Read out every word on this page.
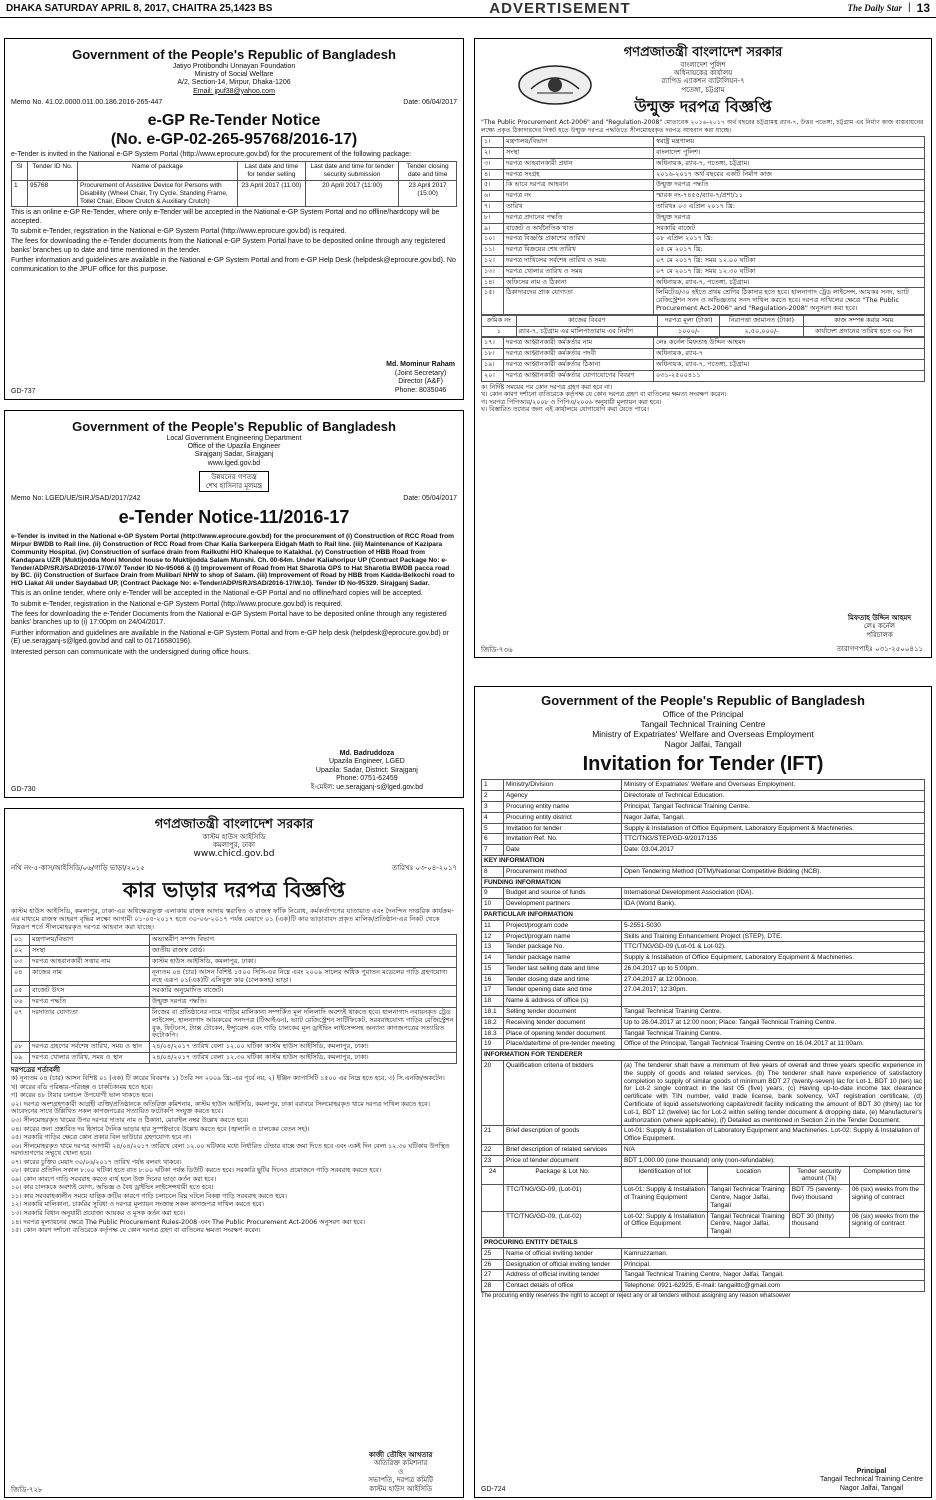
DHAKA SATURDAY APRIL 8, 2017, CHAITRA 25,1423 BS	ADVERTISEMENT	The Daily Star | 13
Government of the People's Republic of Bangladesh
Jatiyo Protibondhi Unnayan Foundation
Ministry of Social Welfare
A/2, Section-14, Mirpur, Dhaka-1206
Email: jpuf38@yahoo.com
Memo No. 41.02.0000.011.00.186.2016-265-447	Date: 06/04/2017
e-GP Re-Tender Notice
(No. e-GP-02-265-95768/2016-17)
e-Tender is invited in the National e-GP System Portal (http://www.eprocure.gov.bd) for the procurement of the following package:
Sl	Tender ID No.	Name of package	Last date and time for tender selling	Last date and time for tender security submission	Tender closing date and time
1	95768	Procurement of Assistive Device for Persons with Disability (Wheel Chair, Try Cycle, Standing Frame, Toilet Chair, Elbow Crutch & Auxiliary Crutch)	23 April 2017 (11:00)	20 April 2017 (11:00)	23 April 2017 (15:00)
This is an online e-GP Re-Tender, where only e-Tender will be accepted in the National e-GP System Portal and no offline/hardcopy will be accepted.
To submit e-Tender, registration in the National e-GP System Portal (http://www.eprocure.gov.bd) is required.
The fees for downloading the e-Tender documents from the National e-GP System Portal have to be deposited online through any registered banks' branches up to date and time mentioned in the tender.
Further information and guidelines are available in the National e-GP System Portal and from e-GP Help Desk (helpdesk@eprocure.gov.bd). No communication to the JPUF office for this purpose.
Md. Mominur Raham
(Joint Secretary)
Director (A&F)
Phone: 8035046
GD-737
Government of the People's Republic of Bangladesh
Local Government Engineering Department
Office of the Upazila Engineer
Sirajganj Sadar, Sirajganj
www.lged.gov.bd
উন্নয়নের গণতন্ত্র
শেখ হাসিনার মূলমন্ত্র
Memo No: LGED/UE/SIRJ/SAD/2017/242	Date: 05/04/2017
e-Tender Notice-11/2016-17
e-Tender is invited in the National e-GP System Portal (http://www.eprocure.gov.bd) for the procurement of (i) Construction of RCC Road from Mirpur BWDB to Rail line. (ii) Construction of RCC Road from Char Kalia Sarkerpera Eidgah Math to Rail line. (iii) Maintenance of Kazipara Community Hospital. (iv) Construction of surface drain from Railkuthi H/O Khaleque to Katakhal. (v) Construction of HBB Road from Kandapara UZR (Muktijodda Moni Mondol house to Muktijodda Salam Munshi. Ch. 00-64m. Under Kaliahoripur UP (Contract Package No: e-Tender/ADP/SRJ/SAD/2016-17/W.07 Tender ID No-95066 & (i) Improvement of Road from Hat Sharotia GPS to Hat Sharotia BWDB pacca road by BC. (ii) Construction of Surface Drain from Mulibari NHW to shop of Salam. (iii) Improvement of Road by HBB from Kadda-Belkochi road to H/O Liakat Ali under Saydabad UP, (Contract Package No: e-Tender/ADP/SRJ/SAD/2016-17/W.10). Tender ID No-95329. Sirajganj Sadar.
This is an online tender, where only e-Tender will be accepted in the National e-GP Portal and no offline/hard copies will be accepted.
To submit e-Tender, registration in the National e-GP System Portal (http://www.procure.gov.bd) is required.
The fees for downloading the e-Tender Documents from the National e-GP System Portal have to be deposited online through any registered banks' branches up to (i) 17:00pm on 24/04/2017.
Further information and guidelines are available in the National e-GP System Portal and from e-GP help desk (helpdesk@eprocure.gov.bd) or (E) ue.serajganj-s@lged.gov.bd and call to 01716580196).
Interested person can communicate with the undersigned during office hours.
Md. Badruddoza
Upazila Engineer, LGED
Upazila: Sadar, District: Sirajganj
Phone: 0751-62459
ই-মেইল: ue.serajganj-s@lged.gov.bd
GD-730
গণপ্রজাতন্ত্রী বাংলাদেশ সরকার
কাস্টম হাউস আইসিডি
কমলাপুর, ঢাকা
www.chicd.gov.bd
নথি নং-৫-কাস/আইসিডি/০৬/গাড়ি ভাড়া/২০১৫	তারিখঃ ০৩-০৪-২০১৭
কার ভাড়ার দরপত্র বিজ্ঞপ্তি
কাস্টম হাউস আইসিডি, কমলাপুর, ঢাকা-এর অধিক্ষেত্রভুক্ত এলাকায় রাজস্ব আদায় ত্বরান্বিত ও রাজস্ব ফাঁকি নিরোধ, কর্মকর্তাগণের যাতায়াত এবং দৈনন্দিন দাপ্তরিক কার্যক্রম-এর মাধ্যমে রাজস্ব আহরণ বৃদ্ধির লক্ষ্যে আগামী ০১-০৫-২০১৭ হতে ৩০-০৬-২০১৭ পর্যন্ত মেয়াদে ০১ (এক)টি কার ভাড়াবাবদ প্রকৃত মালিক/প্রতিষ্ঠান-এর নিকট থেকে নিম্নরূপ শর্তে সীলমোহরকৃত দরপত্র আহবান করা যাচ্ছে।
০১	মন্ত্রণালয়/বিভাগ	অভ্যন্তরীণ সম্পদ বিভাগ
০২	সংস্থা	জাতীয় রাজস্ব বোর্ড।
০৩	দরপত্র আহবানকারী সত্তার নাম	কাস্টম হাউস আইসিডি, কমলাপুর, ঢাকা।
০৪	কাজের নাম	নূন্যতম ০৪ (চার) আসন বিশিষ্ট ১৫০০ সিসি-এর নিম্নে এবং ২০০৯ সালের অধিক পুরাতন মডেলের গাড়ি গ্রহণযোগ্য নহে এরূপ ০১(এক)টি এসিযুক্ত কার (চালকসহ) ভাড়া।
০৫	বাজেট উৎস	সরকারি অনুমোদিত বাজেট।
০৬	দরপত্র পদ্ধতি	উন্মুক্ত দরপত্র পদ্ধতি।
০৭	দরদাতার যোগ্যতা	নিজের বা প্রতিষ্ঠানের নামে গাড়ির মালিকানা সম্পর্কিত মূল দলিলাদি অবশ্যই থাকতে হবে। হালনাগাদ নবায়নকৃত ট্রেড লাইসেন্স, হালনাগাদ আয়করের সনদপত্র (টিআইএন), ভ্যাট রেজিস্ট্রেশন সার্টিফিকেট, সরবরাহযোগ্য গাড়ির রেজিস্ট্রেশন বুক, ফিটনেস, ট্যাক্স টোকেন, ইন্স্যুরেন্স এবং গাড়ি চালকের মূল ড্রাইভিং লাইসেন্সসহ অন্যান্য কাগজপত্রের সত্যায়িত ফটোকপি।
০৮	দরপত্র গ্রহণের সর্বশেষ তারিখ, সময় ও স্থান	২৪/০৪/২০১৭ তারিখ বেলা ১২.০০ ঘটিকা কাস্টম হাউস আইসিডি, কমলাপুর, ঢাকা।
০৯	দরপত্র খোলার তারিখ, সময় ও স্থান	২৪/০৪/২০১৭ তারিখ বেলা ১২.৩০ ঘটিকা কাস্টম হাউস আইসিডি, কমলাপুর, ঢাকা।
দরপত্রের শর্তাবলী
ক) নূন্যতম ০৪ (চার) আসন বিশিষ্ট ০১ (এক) টি কারের বিবরণঃ ১) তৈরি সন ২০০৯ খ্রি:-এর পূর্বে নয়, ২) ইঞ্জিন ক্যাপাসিটি ১৫০০ এর নিম্নে হতে হবে, ৩) সি.এনজি/অকটেন।
খ) কারের বডি পরিষ্কার-পরিচ্ছন্ন ও চাকচিক্যময় হতে হবে।
গ) কারের ৪৮ টায়ার চলাচল উপযোগী ভাল থাকতে হবে।
০২। দরপত্র অংশগ্রহণকারী আগ্রহী ব্যক্তি/প্রতিষ্ঠানকে অতিরিক্ত কমিশনার, কাস্টম হাউস আইসিডি, কমলাপুর, ঢাকা বরাবরে সিলমোহরকৃত খামে দরপত্র দাখিল করতে হবে। আবেদনের সাথে উল্লিখিত সকল কাগজপত্রের সত্যায়িত ফটোকপি সংযুক্ত করতে হবে।
০৩। সীলমোহরকৃত খামের উপর দরপত্র দাতার নাম ও ঠিকানা, মোবাইল নম্বর উল্লেখ করতে হবে।
০৪। কারের জন্য প্রস্তাবিত দর হিসাবে দৈনিক ভাড়ার হার সুস্পষ্টভাবে উল্লেখ করতে হবে (জ্বালানি ও চালকের বেতন সহ)।
০৫। সরকারি গাড়ির ক্ষেত্রে কোন প্রকার বিল ভাউচার গ্রহণযোগ্য হবে না।
০৬। সীলমোহরকৃত খামে দরপত্র আগামী ২৪/০৪/২০১৭ তারিখে বেলা ১২.০০ ঘটিকার মধ্যে নির্ধারিত টেন্ডার বাক্সে জমা দিতে হবে এবং একই দিন বেলা ১২.৩০ ঘটিকায় উপস্থিত দরদাতাগণের সম্মুখে খোলা হবে।
০৭। কারের চুক্তির মেয়াদ ৩০/০৬/২০১৭ তারিখ পর্যন্ত বলবৎ থাকবে।
০৮। কারের প্রতিদিন সকাল ৮:০০ ঘটিকা হতে রাত ৮:০০ ঘটিকা পর্যন্ত ডিউটি করতে হবে। সরকারি ছুটির দিনেও প্রয়োজনে গাড়ি সরবরাহ করতে হবে।
০৯। কোন কারণে গাড়ি সরবরাহ করতে ব্যর্থ হলে উক্ত দিনের ভাড়া কর্তন করা হবে।
১০। কার চালককে অবশ্যই যোগ্য, অভিজ্ঞ ও বৈধ ড্রাইভিং লাইসেন্সধারী হতে হবে।
১১। কার সরবরাহকালীন সময়ে যান্ত্রিক ক্রটির কারণে গাড়ি চলাচলে বিঘ্ন ঘটলে বিকল্প গাড়ি সরবরাহ করতে হবে।
১২। সরকারি মালিকানা, চাকরির সুবিধা ও দরপত্র মূল্যায়ন সংক্রান্ত সকল কাগজপত্র দাখিল করতে হবে।
১৩। সরকারি বিধান অনুযায়ী প্রযোজ্য আয়কর ও মূসক কর্তন করা হবে।
১৪। দরপত্র মূল্যায়নের ক্ষেত্রে The Public Procurement Rules-2008 এবং The Public Procurement Act-2006 অনুসরণ করা হবে।
১৫। কোন কারণ দর্শানো ব্যতিরেকে কর্তৃপক্ষ যে কোন দরপত্র গ্রহণ বা বাতিলের ক্ষমতা সংরক্ষণ করেন।
কাজী তৌহিদ আখতার
অতিরিক্ত কমিশনার
ও
সভাপতি, দরপত্র কমিটি
কাস্টম হাউস আইসিডি
জিডি-৭২৮
গণপ্রজাতন্ত্রী বাংলাদেশ সরকার
বাংলাদেশ পুলিশ
অধিনায়কের কার্যালয়
র‌্যাপিড এ্যাকশন ব্যাটালিয়ন-৭
পতেঙ্গা, চট্টগ্রাম
উন্মুক্ত দরপত্র বিজ্ঞপ্তি
"The Public Procurement Act-2006" and "Regulation-2008" মোতাবেক ২০১৬-২০১৭ অর্থ বছরের চট্টগ্রামস্থ র‌্যাব-৭, উত্তর পতেঙ্গা, চট্টগ্রাম এর নির্মাণ কাজ বাস্তবায়নের লক্ষ্যে প্রকৃত ঠিকাদারদের নিকট হতে উন্মুক্ত দরপত্র পদ্ধতিতে সীলমোহরকৃত দরপত্র আহবান করা যাচ্ছে।
১।	মন্ত্রণালয়/বিভাগ	স্বরাষ্ট্র মন্ত্রণালয়
২।	সংস্থা	বাংলাদেশ পুলিশ।
৩।	দরপত্র আহবানকারী প্রধান	অধিনায়ক, র‌্যাব-৭, পতেঙ্গা, চট্টগ্রাম।
৪।	দরপত্র সংগ্রহ	২০১৬-২০১৭ অর্থ বছরের একটি নির্মাণ কাজ
৫।	কি ভাবে দরপত্র আহবান	উন্মুক্ত দরপত্র পদ্ধতি
৬।	দরপত্র নং	স্মারক নং-৭৪৫৫/র‌্যাব-৭/প্রশা/১১
৭।	তারিখ	তারিখঃ ০৩ এপ্রিল ২০১৭ খ্রি:
৮।	দরপত্র প্রদানের পদ্ধতি	উন্মুক্ত দরপত্র
৯।	বাজেট ও অর্থনৈতিক খাত	সরকারি বাজেট
১০।	দরপত্র বিজ্ঞপ্তি প্রকাশের তারিখ	০৮ এপ্রিল ২০১৭ খ্রি:
১১।	দরপত্র বিক্রয়ের শেষ তারিখ	০৫ মে ২০১৭ খ্রি:
১২।	দরপত্র দাখিলের সর্বশেষ তারিখ ও সময়	০৭ মে ২০১৭ খ্রি: সময় ১২.০০ ঘটিকা
১৩।	দরপত্র খোলার তারিখ ও সময়	০৭ মে ২০১৭ খ্রি: সময় ১২.৩০ ঘটিকা
১৪।	অফিসের নাম ও ঠিকানা	অধিনায়ক, র‌্যাব-৭, পতেঙ্গা, চট্টগ্রাম।
১৫।	ঠিকাদারদের প্রাক যোগ্যতা	লিমিটেড/৩০ হইতে প্রথম শ্রেণির ঠিকাদার হতে হবে। হালনাগাদ ট্রেড লাইসেন্স, আয়কর সনদ, ভ্যাট রেজিস্ট্রেশন সনদ ও অভিজ্ঞতার সনদ দাখিল করতে হবে। দরপত্র দাখিলের ক্ষেত্রে "The Public Procurement Act-2006" and "Regulation-2008" অনুসরণ করা হবে।
ক্রমিক নং	কাজের বিবরণ	দরপত্র মূল্য (টাকা)	নিরাপত্তা জামানত (টাকা)	কাজ সম্পন্ন করার সময়
১	র‌্যাব-৭, চট্টগ্রাম এর মালিপাতারাম এর নির্মাণ	১০০০/-	২,৫০,০০০/-	কার্যাদেশ প্রদানের তারিখ হতে ৩০ দিন
১৭।	দরপত্র আহ্বানকারী কর্মকর্তার নাম	লেঃ কর্নেল মিফতাহ উদ্দিন আহমদ
১৮।	দরপত্র আহ্বানকারী কর্মকর্তার পদবী	অধিনায়ক, র‌্যাব-৭
১৯।	দরপত্র আহ্বানকারী কর্মকর্তার ঠিকানা	অধিনায়ক, র‌্যাব-৭, পতেঙ্গা, চট্টগ্রাম।
২০।	দরপত্র আহ্বানকারী কর্মকর্তার যোগাযোগের বিবরণ	০৩১-২৫০০৪১১
ক। নির্দিষ্ট সময়ের পর কোন দরপত্র গ্রহণ করা হবে না।
খ। কোন কারণ দর্শানো ব্যতিরেকে কর্তৃপক্ষ যে কোন দরপত্র গ্রহণ বা বাতিলের ক্ষমতা সংরক্ষণ করেন।
গ। দরপত্র পিপিআর/২০০৮ ও পিপিএ/২০০৬ অনুযায়ী মূল্যায়ন করা হবে।
ঘ। বিস্তারিত তথ্যের জন্য এই কার্যালয়ে যোগাযোগ করা যেতে পারে।
মিফতাহ উদ্দিন আহমদ
লেঃ কর্নেল
পরিচালক
তারাগণপাইঃ ০৩১-২৫০০৪১১
জিডি-৭৩৬
Government of the People's Republic of Bangladesh
Office of the Principal
Tangail Technical Training Centre
Ministry of Expatriates' Welfare and Overseas Employment
Nagor Jalfai, Tangail
Invitation for Tender (IFT)
1	Ministry/Division	Ministry of Expatriates' Welfare and Overseas Employment.			
2	Agency	Directorate of Technical Education.			
3	Procuring entity name	Principal, Tangail Technical Training Centre.			
4	Procuring entity district	Nagor Jalfai, Tangail.			
5	Invitation for tender	Supply & Installation of Office Equipment, Laboratory Equipment & Machineries.			
6	Invitation Ref. No.	TTC/TNG/STEP/GD-9/2017/135			
7	Date	Date: 03.04.2017			
KEY INFORMATION					
8	Procurement method	Open Tendering Method (OTM)/National Competitive Bidding (NCB).			
FUNDING INFORMATION					
9	Budget and source of funds	International Development Association (IDA).			
10	Development partners	IDA (World Bank).			
PARTICULAR INFORMATION					
11	Project/program code	5-2551-5030			
12	Project/program name	Skills and Training Enhancement Project (STEP), DTE.			
13	Tender package No.	TTC/TNG/GD-09 (Lot-01 & Lot-02).			
14	Tender package name	Supply & Installation of Office Equipment, Laboratory Equipment & Machineries.			
15	Tender last selling date and time	26.04.2017 up to 5:00pm.			
16	Tender closing date and time	27.04.2017 at 12:00noon.			
17	Tender opening date and time	27.04.2017; 12:30pm.			
18	Name & address of office (s)				
18.1	Selling tender document	Tangail Technical Training Centre.			
18.2	Receiving tender document	Up to 26.04.2017 at 12:00 noon; Place: Tangail Technical Training Centre.			
18.3	Place of opening tender document	Tangail Technical Training Centre.			
19	Place/date/time of pre-tender meeting	Office of the Principal, Tangail Technical Training Centre on 16.04.2017 at 11:00am.			
INFORMATION FOR TENDERER					
20	Qualification criteria of bidders	(a) The tenderer shall have a minimum of five years of overall and three years specific experience in the supply of goods and related services. (b) The tenderer shall have experience of satisfactory completion to supply of similar goods of minimum BDT 27 (twenty-seven) lac for Lot-1, BDT 10 (ten) lac for Lot-2 single contract in the last 05 (five) years, (c) Having up-to-date income tax clearance certificate with TIN number, valid trade license, bank solvency, VAT registration certificate, (d) Certificate of liquid assets/working capital/credit facility indicating the amount of BDT 30 (thirty) lac for Lot-1, BDT 12 (twelve) lac for Lot-2 within selling tender document & dropping date, (e) Manufacturer's authorization (where applicable), (f) Detailed as mentioned in Section 2 in the Tender Document.			
21	Brief description of goods	Lot-01: Supply & Installation of Laboratory Equipment and Machineries. Lot-02: Supply & Installation of Office Equipment.			
22	Brief description of related services	N/A			
23	Price of tender document	BDT 1,000.00 (one thousand) only (non-refundable).			
24	Package & Lot No.	Identification of lot	Location	Tender security amount (Tk)	Completion time
	TTC/TNG/GD-09, (Lot-01)	Lot-01: Supply & Installation of Training Equipment	Tangail Technical Training Centre, Nagor Jalfai, Tangail	BDT 75 (seventy-five) thousand	06 (six) weeks from the signing of contract
	TTC/TNG/GD-09, (Lot-02)	Lot-02: Supply & Installation of Office Equipment	Tangail Technical Training Centre, Nagor Jalfai, Tangail	BDT 30 (thirty) thousand	06 (six) weeks from the signing of contract
PROCURING ENTITY DETAILS					
25	Name of official inviting tender	Kamruzzaman.			
26	Designation of official inviting tender	Principal.			
27	Address of official inviting tender	Tangail Technical Training Centre, Nagor Jalfai, Tangail.			
28	Contact details of office	Telephone: 0921-62925, E-mail: tangailttc@gmail.com			
The procuring entity reserves the right to accept or reject any or all tenders without assigning any reason whatsoever
Principal
Tangail Technical Training Centre
Nagor Jalfai, Tangail
GD-724
